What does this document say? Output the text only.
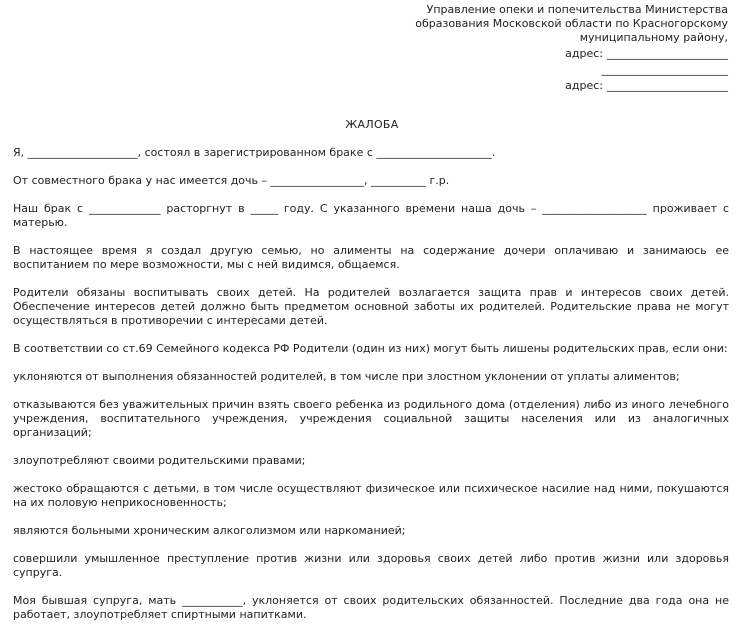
Управление опеки и попечительства Министерства
образования Московской области по Красногорскому
муниципальному району,
адрес: ______________________
_______________________
адрес: ______________________
ЖАЛОБА

Я, ____________________, состоял в зарегистрированном браке с _____________________.

От совместного брака у нас имеется дочь – _________________, __________ г.р.

Наш брак с _____________ расторгнут в _____ году. С указанного времени наша дочь – ___________________ проживает с матерью.

В настоящее время я создал другую семью, но алименты на содержание дочери оплачиваю и занимаюсь ее воспитанием по мере возможности, мы с ней видимся, общаемся.

Родители обязаны воспитывать своих детей. На родителей возлагается защита прав и интересов своих детей. Обеспечение интересов детей должно быть предметом основной заботы их родителей. Родительские права не могут осуществляться в противоречии с интересами детей.

В соответствии со ст.69 Семейного кодекса РФ Родители (один из них) могут быть лишены родительских прав, если они:

уклоняются от выполнения обязанностей родителей, в том числе при злостном уклонении от уплаты алиментов;

отказываются без уважительных причин взять своего ребенка из родильного дома (отделения) либо из иного лечебного учреждения, воспитательного учреждения, учреждения социальной защиты населения или из аналогичных организаций;

злоупотребляют своими родительскими правами;

жестоко обращаются с детьми, в том числе осуществляют физическое или психическое насилие над ними, покушаются на их половую неприкосновенность;

являются больными хроническим алкоголизмом или наркоманией;

совершили умышленное преступление против жизни или здоровья своих детей либо против жизни или здоровья супруга.

Моя бывшая супруга, мать ___________, уклоняется от своих родительских обязанностей. Последние два года она не работает, злоупотребляет спиртными напитками.
